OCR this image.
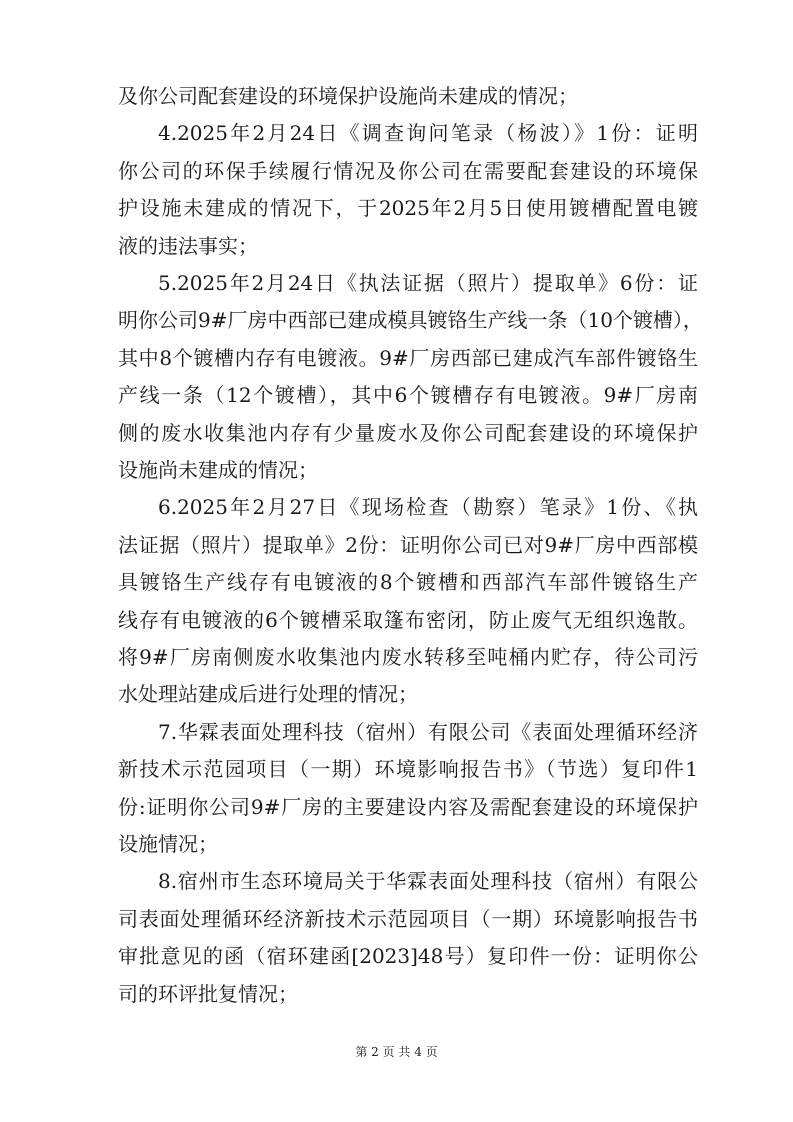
及你公司配套建设的环境保护设施尚未建成的情况；
4.2025年2月24日《调查询问笔录（杨波）》1份：证明
你公司的环保手续履行情况及你公司在需要配套建设的环境保
护设施未建成的情况下，于2025年2月5日使用镀槽配置电镀
液的违法事实；
5.2025年2月24日《执法证据（照片）提取单》6份：证
明你公司9#厂房中西部已建成模具镀铬生产线一条（10个镀槽），
其中8个镀槽内存有电镀液。9#厂房西部已建成汽车部件镀铬生
产线一条（12个镀槽），其中6个镀槽存有电镀液。9#厂房南
侧的废水收集池内存有少量废水及你公司配套建设的环境保护
设施尚未建成的情况；
6.2025年2月27日《现场检查（勘察）笔录》1份、《执
法证据（照片）提取单》2份：证明你公司已对9#厂房中西部模
具镀铬生产线存有电镀液的8个镀槽和西部汽车部件镀铬生产
线存有电镀液的6个镀槽采取篷布密闭，防止废气无组织逸散。
将9#厂房南侧废水收集池内废水转移至吨桶内贮存，待公司污
水处理站建成后进行处理的情况；
7.华霖表面处理科技（宿州）有限公司《表面处理循环经济
新技术示范园项目（一期）环境影响报告书》（节选）复印件1
份:证明你公司9#厂房的主要建设内容及需配套建设的环境保护
设施情况；
8.宿州市生态环境局关于华霖表面处理科技（宿州）有限公
司表面处理循环经济新技术示范园项目（一期）环境影响报告书
审批意见的函（宿环建函[2023]48号）复印件一份：证明你公
司的环评批复情况；
第 2 页 共 4 页
